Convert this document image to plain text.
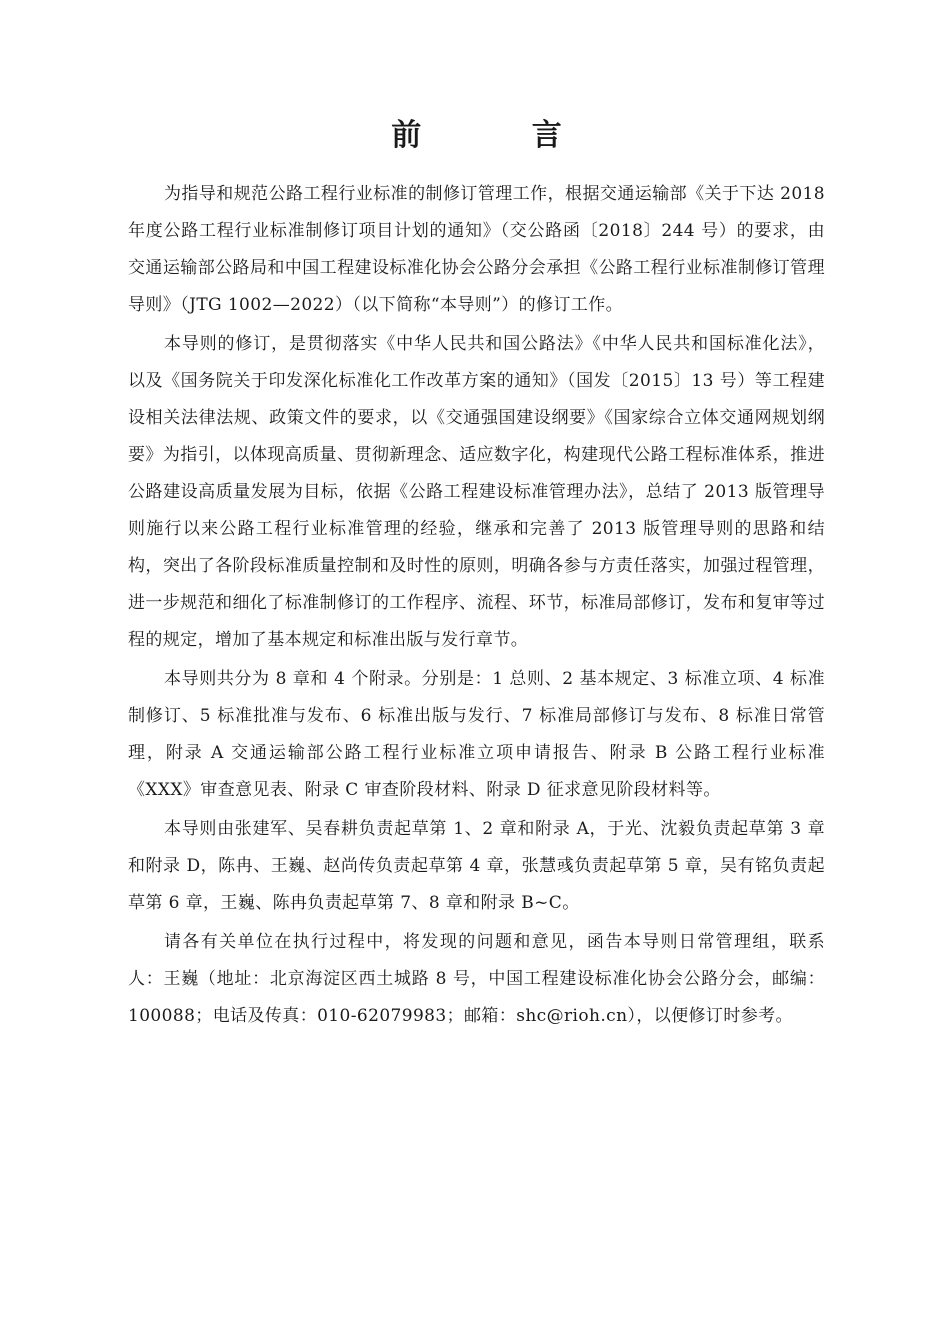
前 言

为指导和规范公路工程行业标准的制修订管理工作，根据交通运输部《关于下达 2018 年度公路工程行业标准制修订项目计划的通知》（交公路函〔2018〕244 号）的要求，由交通运输部公路局和中国工程建设标准化协会公路分会承担《公路工程行业标准制修订管理导则》（JTG 1002—2022）（以下简称“本导则”）的修订工作。

本导则的修订，是贯彻落实《中华人民共和国公路法》《中华人民共和国标准化法》，以及《国务院关于印发深化标准化工作改革方案的通知》（国发〔2015〕13 号）等工程建设相关法律法规、政策文件的要求，以《交通强国建设纲要》《国家综合立体交通网规划纲要》为指引，以体现高质量、贯彻新理念、适应数字化，构建现代公路工程标准体系，推进公路建设高质量发展为目标，依据《公路工程建设标准管理办法》，总结了 2013 版管理导则施行以来公路工程行业标准管理的经验，继承和完善了 2013 版管理导则的思路和结构，突出了各阶段标准质量控制和及时性的原则，明确各参与方责任落实，加强过程管理，进一步规范和细化了标准制修订的工作程序、流程、环节，标准局部修订，发布和复审等过程的规定，增加了基本规定和标准出版与发行章节。

本导则共分为 8 章和 4 个附录。分别是：1 总则、2 基本规定、3 标准立项、4 标准制修订、5 标准批准与发布、6 标准出版与发行、7 标准局部修订与发布、8 标准日常管理，附录 A 交通运输部公路工程行业标准立项申请报告、附录 B 公路工程行业标准《XXX》审查意见表、附录 C 审查阶段材料、附录 D 征求意见阶段材料等。

本导则由张建军、吴春耕负责起草第 1、2 章和附录 A，于光、沈毅负责起草第 3 章和附录 D，陈冉、王巍、赵尚传负责起草第 4 章，张慧彧负责起草第 5 章，吴有铭负责起草第 6 章，王巍、陈冉负责起草第 7、8 章和附录 B~C。

请各有关单位在执行过程中，将发现的问题和意见，函告本导则日常管理组，联系人：王巍（地址：北京海淀区西土城路 8 号，中国工程建设标准化协会公路分会，邮编：100088；电话及传真：010-62079983；邮箱：shc@rioh.cn），以便修订时参考。
